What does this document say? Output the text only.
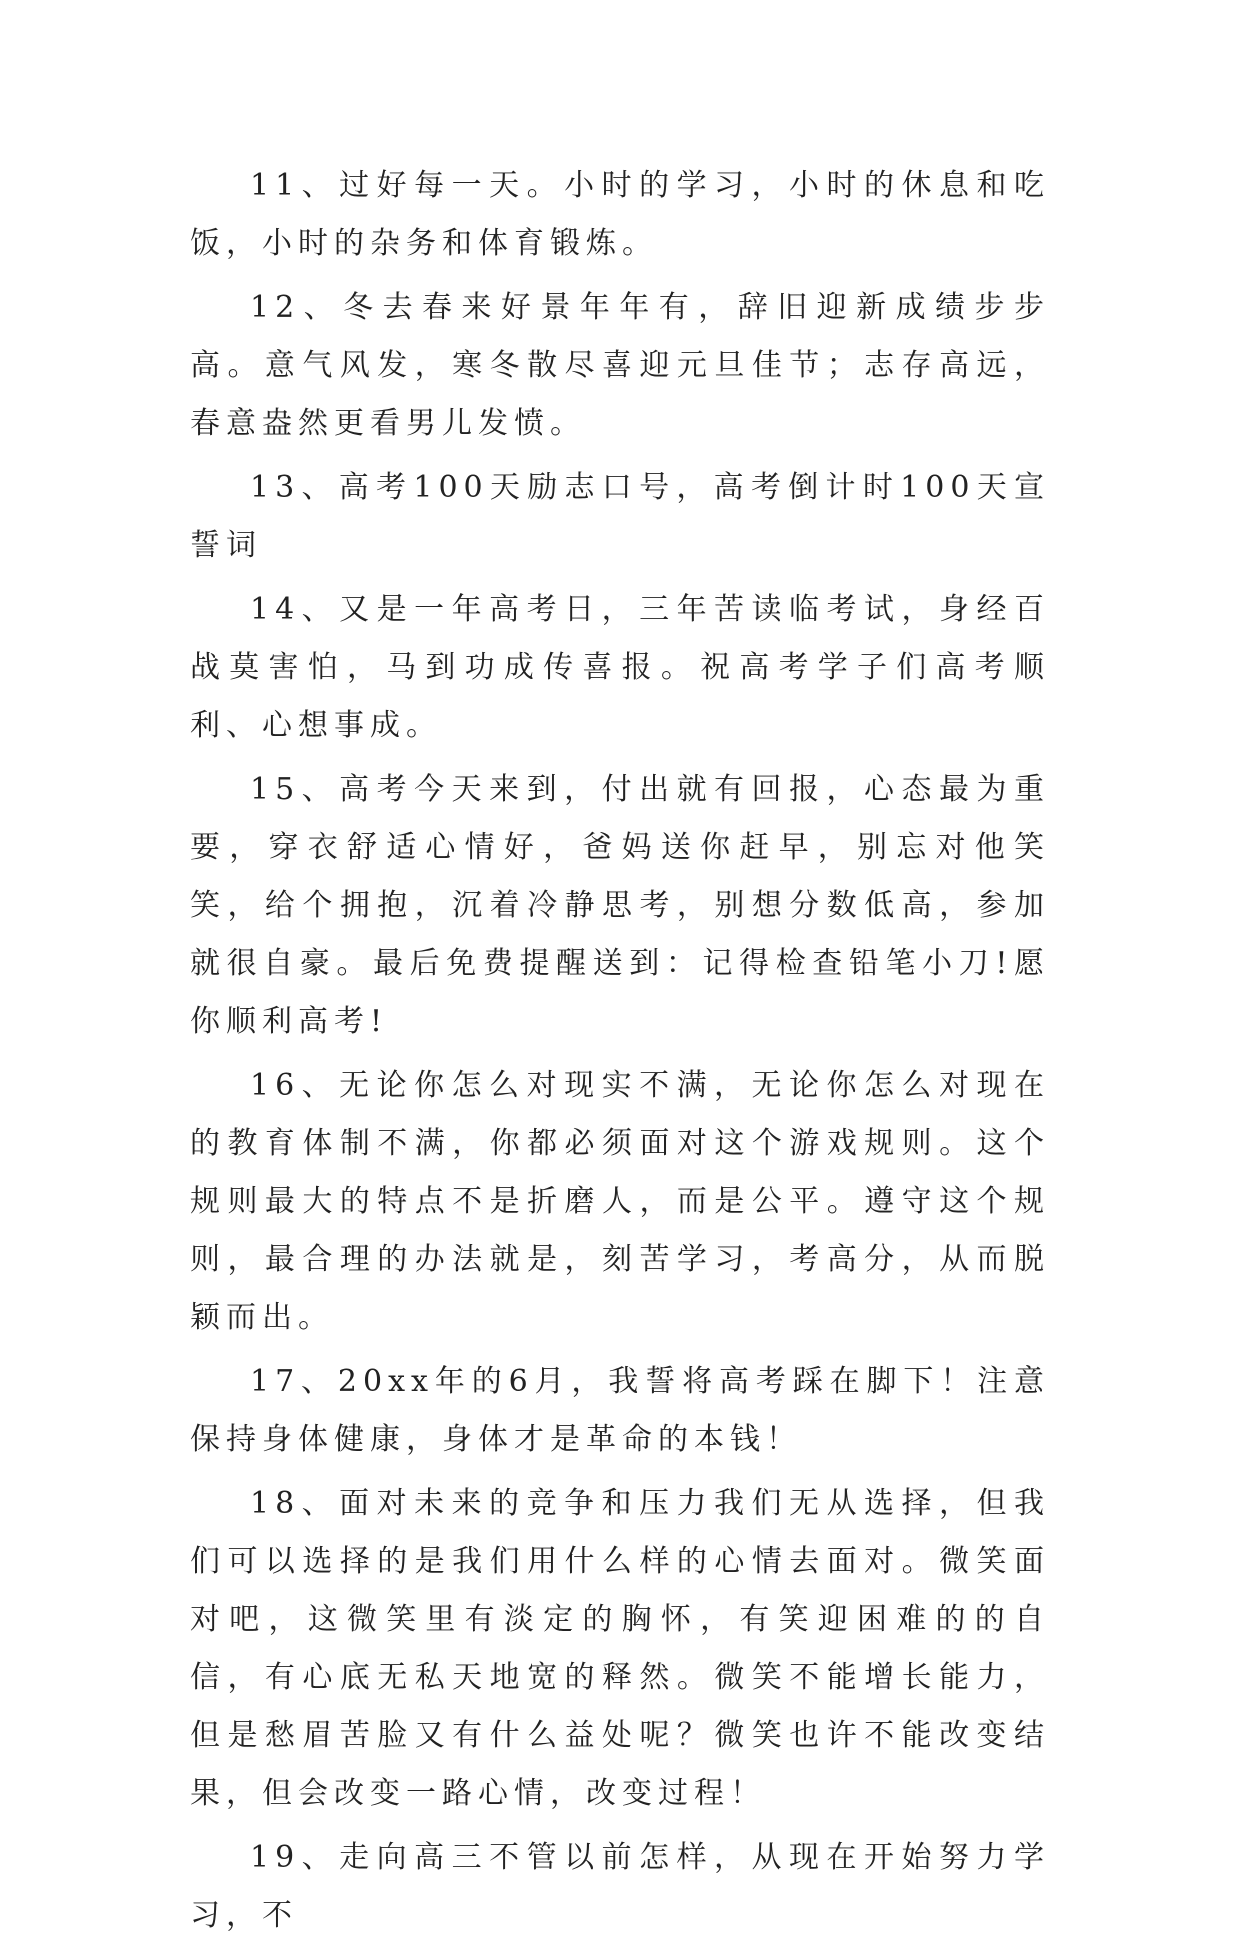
11、过好每一天。小时的学习，小时的休息和吃饭，小时的杂务和体育锻炼。

12、冬去春来好景年年有，辞旧迎新成绩步步高。意气风发，寒冬散尽喜迎元旦佳节；志存高远，春意盎然更看男儿发愤。

13、高考100天励志口号，高考倒计时100天宣誓词

14、又是一年高考日，三年苦读临考试，身经百战莫害怕，马到功成传喜报。祝高考学子们高考顺利、心想事成。

15、高考今天来到，付出就有回报，心态最为重要，穿衣舒适心情好，爸妈送你赶早，别忘对他笑笑，给个拥抱，沉着冷静思考，别想分数低高，参加就很自豪。最后免费提醒送到：记得检查铅笔小刀!愿你顺利高考!

16、无论你怎么对现实不满，无论你怎么对现在的教育体制不满，你都必须面对这个游戏规则。这个规则最大的特点不是折磨人，而是公平。遵守这个规则，最合理的办法就是，刻苦学习，考高分，从而脱颖而出。

17、20xx年的6月，我誓将高考踩在脚下！注意保持身体健康，身体才是革命的本钱！

18、面对未来的竞争和压力我们无从选择，但我们可以选择的是我们用什么样的心情去面对。微笑面对吧，这微笑里有淡定的胸怀，有笑迎困难的的自信，有心底无私天地宽的释然。微笑不能增长能力，但是愁眉苦脸又有什么益处呢？微笑也许不能改变结果，但会改变一路心情，改变过程！

19、走向高三不管以前怎样，从现在开始努力学习，不
